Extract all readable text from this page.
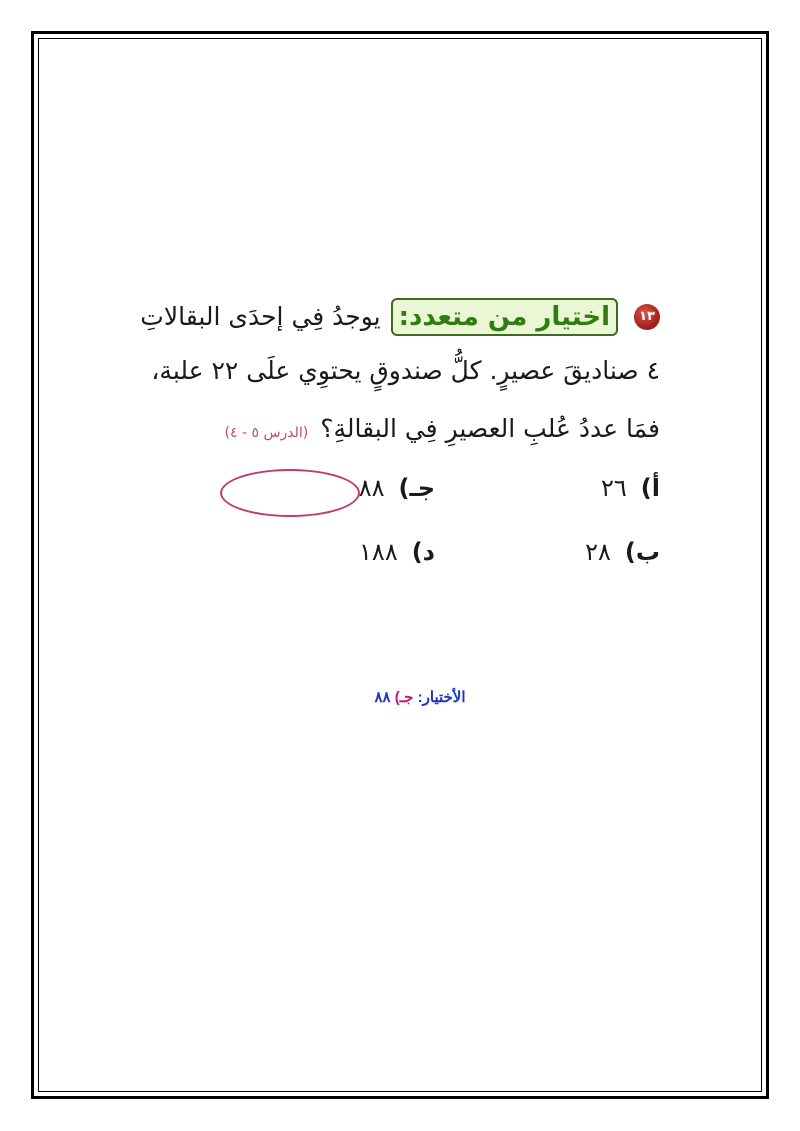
١٣
اختيار من متعدد:
يوجدُ فِي إحدَى البقالاتِ
٤ صناديقَ عصيرٍ. كلُّ صندوقٍ يحتوِي علَى ٢٢ علبة،
فمَا عددُ عُلبِ العصيرِ فِي البقالةِ؟ (الدرس ٥ - ٤)
أ)٢٦
جـ)٨٨
ب)٢٨
د)١٨٨
الأختيار: جـ) ٨٨
